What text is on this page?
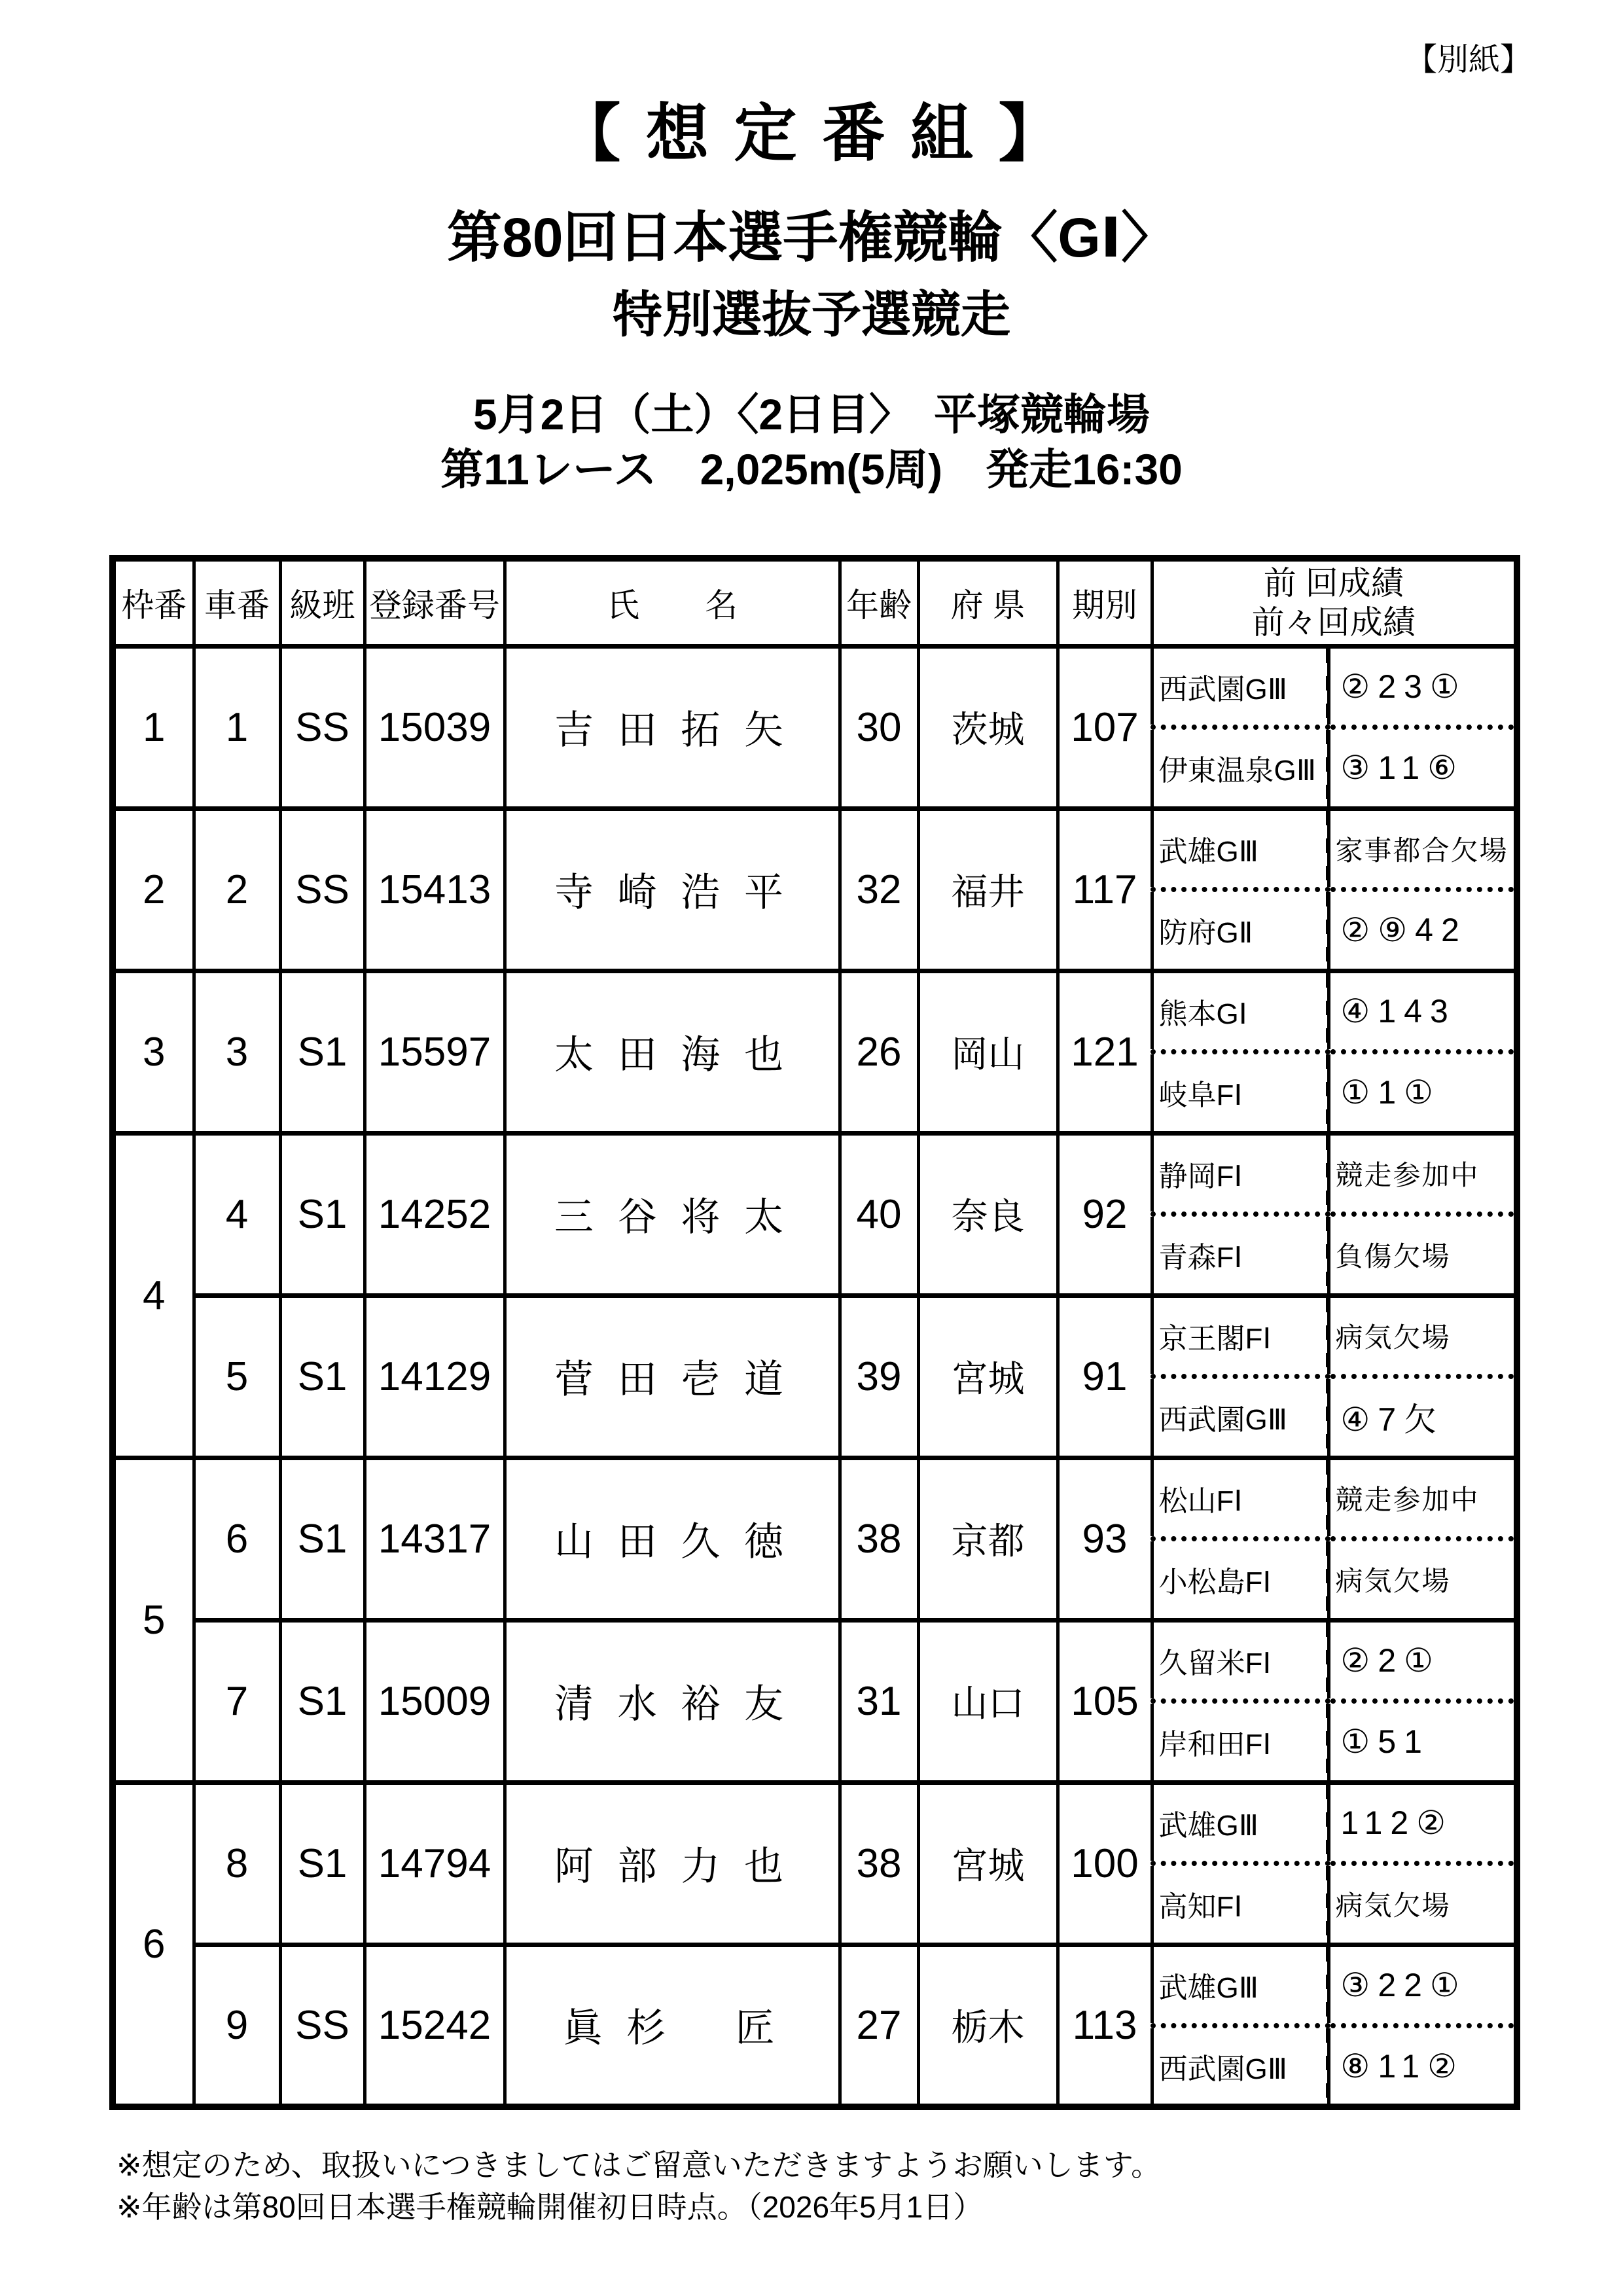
【別紙】
【 想 定 番 組 】
第80回日本選手権競輪〈GⅠ〉
特別選抜予選競走
5月2日（土）〈2日目〉　平塚競輪場
第11レース　2,025m(5周)　発走16:30
枠番	車番	級班	登録番号	氏　　名	年齢	府 県	期別	前 回成績
前々回成績	

1	1	SS	15039	吉 田 拓 矢	30	茨城	107	西武園GⅢ	②23①
								伊東温泉GⅢ	③11⑥
2	2	SS	15413	寺 崎 浩 平	32	福井	117	武雄GⅢ	家事都合欠場
								防府GⅡ	②⑨42
3	3	S1	15597	太 田 海 也	26	岡山	121	熊本GⅠ	④143
								岐阜FⅠ	①1①
4	4	S1	14252	三 谷 将 太	40	奈良	92	静岡FⅠ	競走参加中
								青森FⅠ	負傷欠場
	5	S1	14129	菅 田 壱 道	39	宮城	91	京王閣FⅠ	病気欠場
								西武園GⅢ	④7欠
5	6	S1	14317	山 田 久 徳	38	京都	93	松山FⅠ	競走参加中
								小松島FⅠ	病気欠場
	7	S1	15009	清 水 裕 友	31	山口	105	久留米FⅠ	②2①
								岸和田FⅠ	①51
6	8	S1	14794	阿 部 力 也	38	宮城	100	武雄GⅢ	112②
								高知FⅠ	病気欠場
	9	SS	15242	眞 杉　 匠	27	栃木	113	武雄GⅢ	③22①
								西武園GⅢ	⑧11②
※想定のため、取扱いにつきましてはご留意いただきますようお願いします。
※年齢は第80回日本選手権競輪開催初日時点。（2026年5月1日）
